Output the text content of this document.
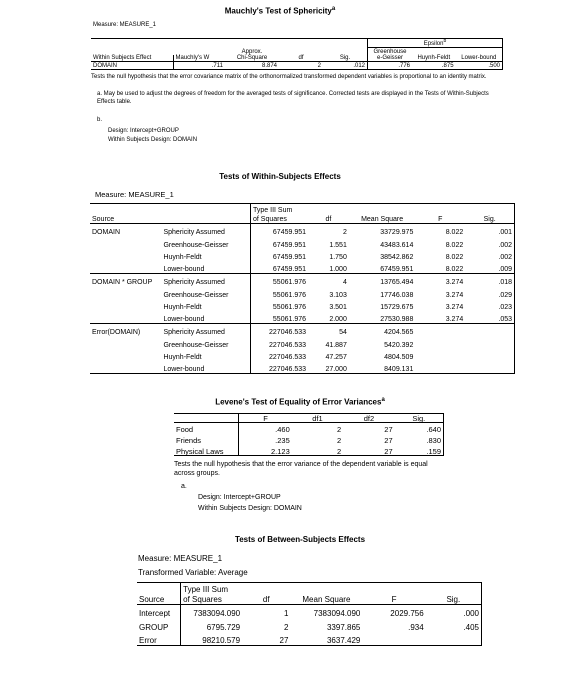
Mauchly's Test of Sphericity$^a$
Measure: MEASURE_1
					Epsilon$^b$
		Approx.			Greenhouse		
Within Subjects Effect	Mauchly's W	Chi-Square	df	Sig.	e-Geisser	Huynh-Feldt	Lower-bound
DOMAIN	.711	8.874	2	.012	.776	.875	.500
Tests the null hypothesis that the error covariance matrix of the orthonormalized transformed dependent variables is proportional to an identity matrix.
a. May be used to adjust the degrees of freedom for the averaged tests of significance. Corrected tests are displayed in the Tests of Within-Subjects Effects table.
b.
Design: Intercept+GROUP
Within Subjects Design: DOMAIN
Tests of Within-Subjects Effects
Measure: MEASURE_1
		Type III Sum				
Source		of Squares	df	Mean Square	F	Sig.
DOMAIN	Sphericity Assumed	67459.951	2	33729.975	8.022	.001
	Greenhouse-Geisser	67459.951	1.551	43483.614	8.022	.002
	Huynh-Feldt	67459.951	1.750	38542.862	8.022	.002
	Lower-bound	67459.951	1.000	67459.951	8.022	.009
DOMAIN * GROUP	Sphericity Assumed	55061.976	4	13765.494	3.274	.018
	Greenhouse-Geisser	55061.976	3.103	17746.038	3.274	.029
	Huynh-Feldt	55061.976	3.501	15729.675	3.274	.023
	Lower-bound	55061.976	2.000	27530.988	3.274	.053
Error(DOMAIN)	Sphericity Assumed	227046.533	54	4204.565		
	Greenhouse-Geisser	227046.533	41.887	5420.392		
	Huynh-Feldt	227046.533	47.257	4804.509		
	Lower-bound	227046.533	27.000	8409.131		
Levene's Test of Equality of Error Variances$^a$
	F	df1	df2	Sig.
Food	.460	2	27	.640
Friends	.235	2	27	.830
Physical Laws	2.123	2	27	.159
Tests the null hypothesis that the error variance of the dependent variable is equal across groups.
a.
Design: Intercept+GROUP
Within Subjects Design: DOMAIN
Tests of Between-Subjects Effects
Measure: MEASURE_1
Transformed Variable: Average
	Type III Sum				
Source	of Squares	df	Mean Square	F	Sig.
Intercept	7383094.090	1	7383094.090	2029.756	.000
GROUP	6795.729	2	3397.865	.934	.405
Error	98210.579	27	3637.429		
